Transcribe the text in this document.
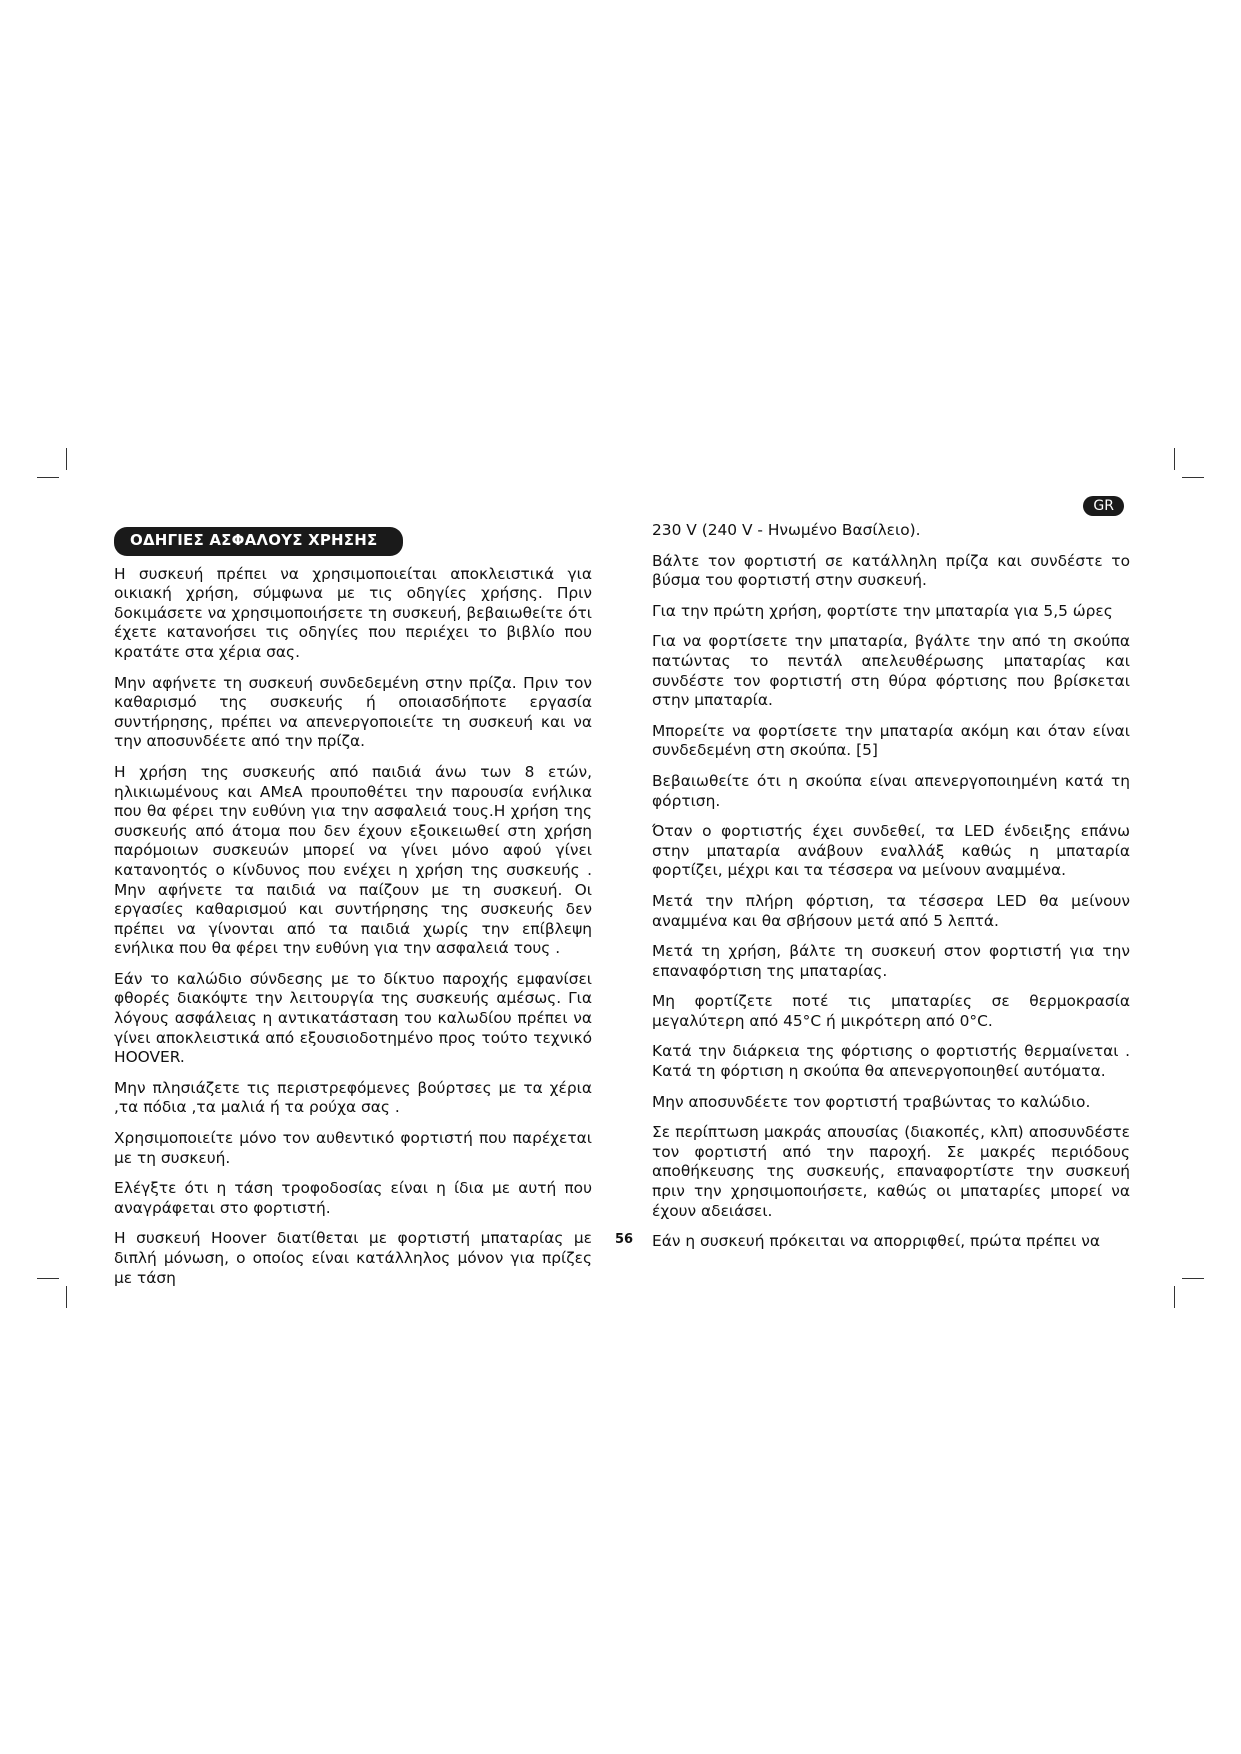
GR
ΟΔΗΓΙΕΣ ΑΣΦΑΛΟΥΣ ΧΡΗΣΗΣ

Η συσκευή πρέπει να χρησιμοποιείται αποκλειστικά για οικιακή χρήση, σύμφωνα με τις οδηγίες χρήσης. Πριν δοκιμάσετε να χρησιμοποιήσετε τη συσκευή, βεβαιωθείτε ότι έχετε κατανοήσει τις οδηγίες που περιέχει το βιβλίο που κρατάτε στα χέρια σας.

Μην αφήνετε τη συσκευή συνδεδεμένη στην πρίζα. Πριν τον καθαρισμό της συσκευής ή οποιασδήποτε εργασία συντήρησης, πρέπει να απενεργοποιείτε τη συσκευή και να την αποσυνδέετε από την πρίζα.

Η χρήση της συσκευής από παιδιά άνω των 8 ετών, ηλικιωμένους και ΑΜεΑ προυποθέτει την παρουσία ενήλικα που θα φέρει την ευθύνη για την ασφαλειά τους.Η χρήση της συσκευής από άτομα που δεν έχουν εξοικειωθεί στη χρήση παρόμοιων συσκευών μπορεί να γίνει μόνο αφού γίνει κατανοητός ο κίνδυνος που ενέχει η χρήση της συσκευής . Μην αφήνετε τα παιδιά να παίζουν με τη συσκευή. Οι εργασίες καθαρισμού και συντήρησης της συσκευής δεν πρέπει να γίνονται από τα παιδιά χωρίς την επίβλεψη ενήλικα που θα φέρει την ευθύνη για την ασφαλειά τους .

Εάν το καλώδιο σύνδεσης με το δίκτυο παροχής εμφανίσει φθορές διακόψτε την λειτουργία της συσκευής αμέσως. Για λόγους ασφάλειας η αντικατάσταση του καλωδίου πρέπει να γίνει αποκλειστικά από εξουσιοδοτημένο προς τούτο τεχνικό HOOVER.

Μην πλησιάζετε τις περιστρεφόμενες βούρτσες με τα χέρια ,τα πόδια ,τα μαλιά ή τα ρούχα σας .

Χρησιμοποιείτε μόνο τον αυθεντικό φορτιστή που παρέχεται με τη συσκευή.

Ελέγξτε ότι η τάση τροφοδοσίας είναι η ίδια με αυτή που αναγράφεται στο φορτιστή.

Η συσκευή Hoover διατίθεται με φορτιστή μπαταρίας με διπλή μόνωση, ο οποίος είναι κατάλληλος μόνον για πρίζες με τάση

230 V (240 V - Ηνωμένο Βασίλειο).

Βάλτε τον φορτιστή σε κατάλληλη πρίζα και συνδέστε το βύσμα του φορτιστή στην συσκευή.

Για την πρώτη χρήση, φορτίστε την μπαταρία για 5,5 ώρες

Για να φορτίσετε την μπαταρία, βγάλτε την από τη σκούπα πατώντας το πεντάλ απελευθέρωσης μπαταρίας και συνδέστε τον φορτιστή στη θύρα φόρτισης που βρίσκεται στην μπαταρία.

Μπορείτε να φορτίσετε την μπαταρία ακόμη και όταν είναι συνδεδεμένη στη σκούπα. [5]

Βεβαιωθείτε ότι η σκούπα είναι απενεργοποιημένη κατά τη φόρτιση.

Όταν ο φορτιστής έχει συνδεθεί, τα LED ένδειξης επάνω στην μπαταρία ανάβουν εναλλάξ καθώς η μπαταρία φορτίζει, μέχρι και τα τέσσερα να μείνουν αναμμένα.

Μετά την πλήρη φόρτιση, τα τέσσερα LED θα μείνουν αναμμένα και θα σβήσουν μετά από 5 λεπτά.

Μετά τη χρήση, βάλτε τη συσκευή στον φορτιστή για την επαναφόρτιση της μπαταρίας.

Μη φορτίζετε ποτέ τις μπαταρίες σε θερμοκρασία μεγαλύτερη από 45°C ή μικρότερη από 0°C.

Κατά την διάρκεια της φόρτισης ο φορτιστής θερμαίνεται . Κατά τη φόρτιση η σκούπα θα απενεργοποιηθεί αυτόματα.

Μην αποσυνδέετε τον φορτιστή τραβώντας το καλώδιο.

Σε περίπτωση μακράς απουσίας (διακοπές, κλπ) αποσυνδέστε τον φορτιστή από την παροχή. Σε μακρές περιόδους αποθήκευσης της συσκευής, επαναφορτίστε την συσκευή πριν την χρησιμοποιήσετε, καθώς οι μπαταρίες μπορεί να έχουν αδειάσει.

Εάν η συσκευή πρόκειται να απορριφθεί, πρώτα πρέπει να

56
